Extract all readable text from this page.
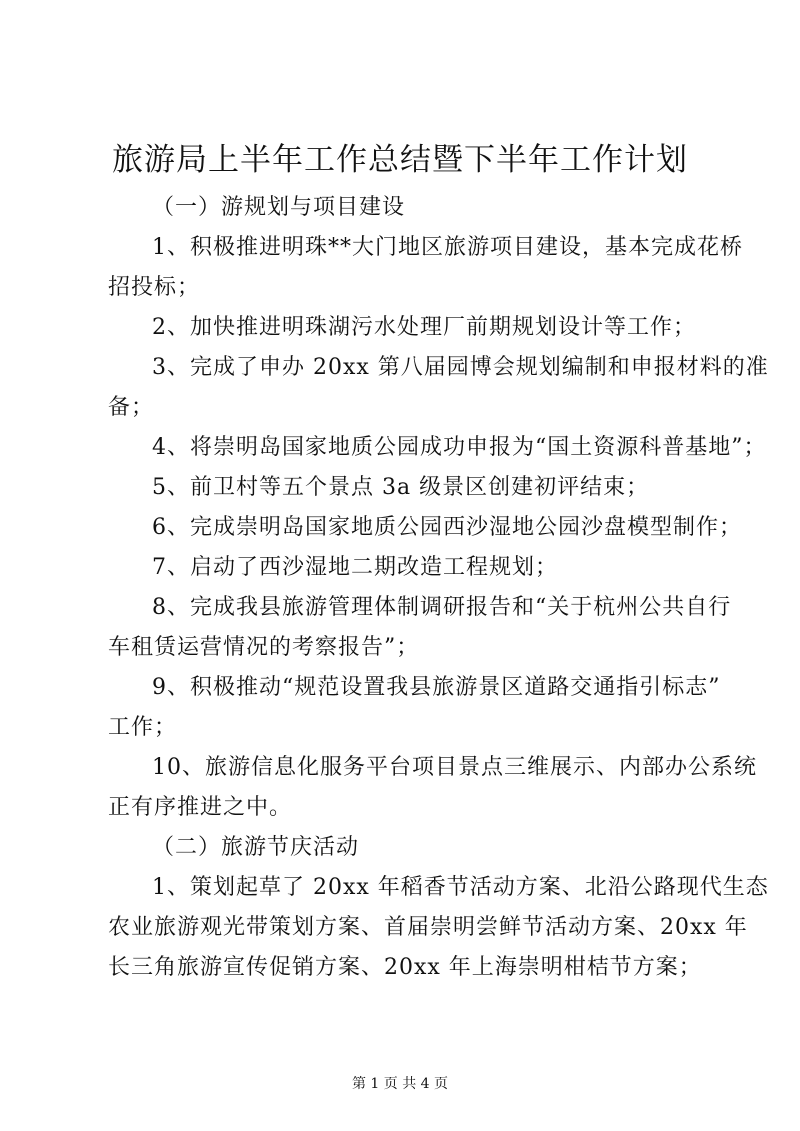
旅游局上半年工作总结暨下半年工作计划

（一）游规划与项目建设

1、积极推进明珠**大门地区旅游项目建设，基本完成花桥

招投标；

2、加快推进明珠湖污水处理厂前期规划设计等工作；

3、完成了申办 20xx 第八届园博会规划编制和申报材料的准

备；

4、将崇明岛国家地质公园成功申报为“国土资源科普基地”；

5、前卫村等五个景点 3a 级景区创建初评结束；

6、完成崇明岛国家地质公园西沙湿地公园沙盘模型制作；

7、启动了西沙湿地二期改造工程规划；

8、完成我县旅游管理体制调研报告和“关于杭州公共自行

车租赁运营情况的考察报告”；

9、积极推动“规范设置我县旅游景区道路交通指引标志”

工作；

10、旅游信息化服务平台项目景点三维展示、内部办公系统

正有序推进之中。

（二）旅游节庆活动

1、策划起草了 20xx 年稻香节活动方案、北沿公路现代生态

农业旅游观光带策划方案、首届崇明尝鲜节活动方案、20xx 年

长三角旅游宣传促销方案、20xx 年上海崇明柑桔节方案；

第 1 页 共 4 页
